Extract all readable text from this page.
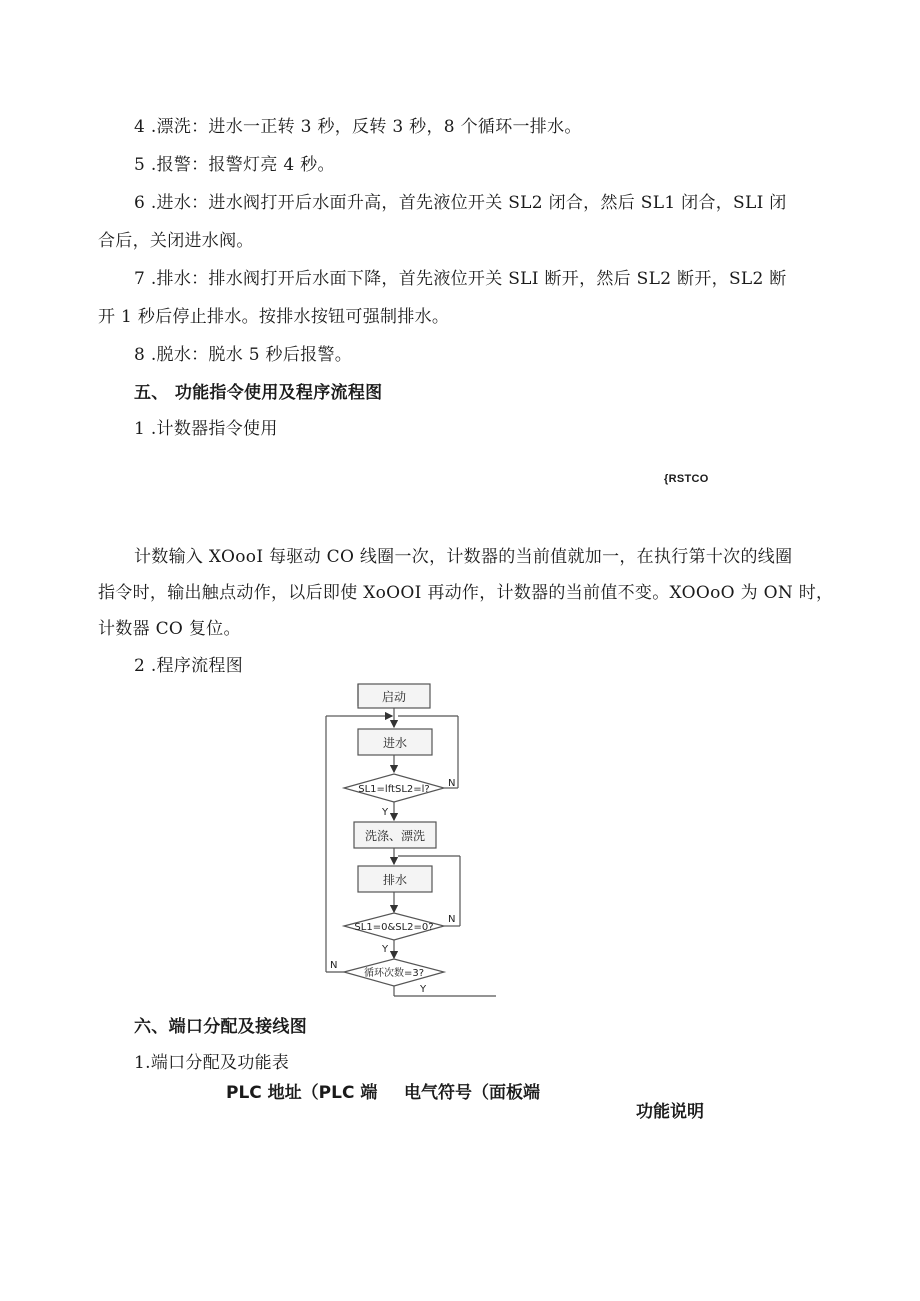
4 .漂洗：进水一正转 3 秒，反转 3 秒，8 个循环一排水。
5 .报警：报警灯亮 4 秒。
6 .进水：进水阀打开后水面升高，首先液位开关 SL2 闭合，然后 SL1 闭合，SLI 闭
合后，关闭进水阀。
7 .排水：排水阀打开后水面下降，首先液位开关 SLI 断开，然后 SL2 断开，SL2 断
开 1 秒后停止排水。按排水按钮可强制排水。
8 .脱水：脱水 5 秒后报警。
五、 功能指令使用及程序流程图
1 .计数器指令使用
{RSTCO
计数输入 XOooI 每驱动 CO 线圈一次，计数器的当前值就加一，在执行第十次的线圈
指令时，输出触点动作，以后即使 XoOOI 再动作，计数器的当前值不变。XOOoO 为 ON 时，
计数器 CO 复位。
2 .程序流程图
启动
进水
SL1=lftSL2=l?
洗涤、漂洗
排水
SL1=0&SL2=0?
循环次数=3?
Y
N
N
Y
N
Y
六、端口分配及接线图
1.端口分配及功能表
PLC 地址（PLC 端 电气符号（面板端
功能说明
